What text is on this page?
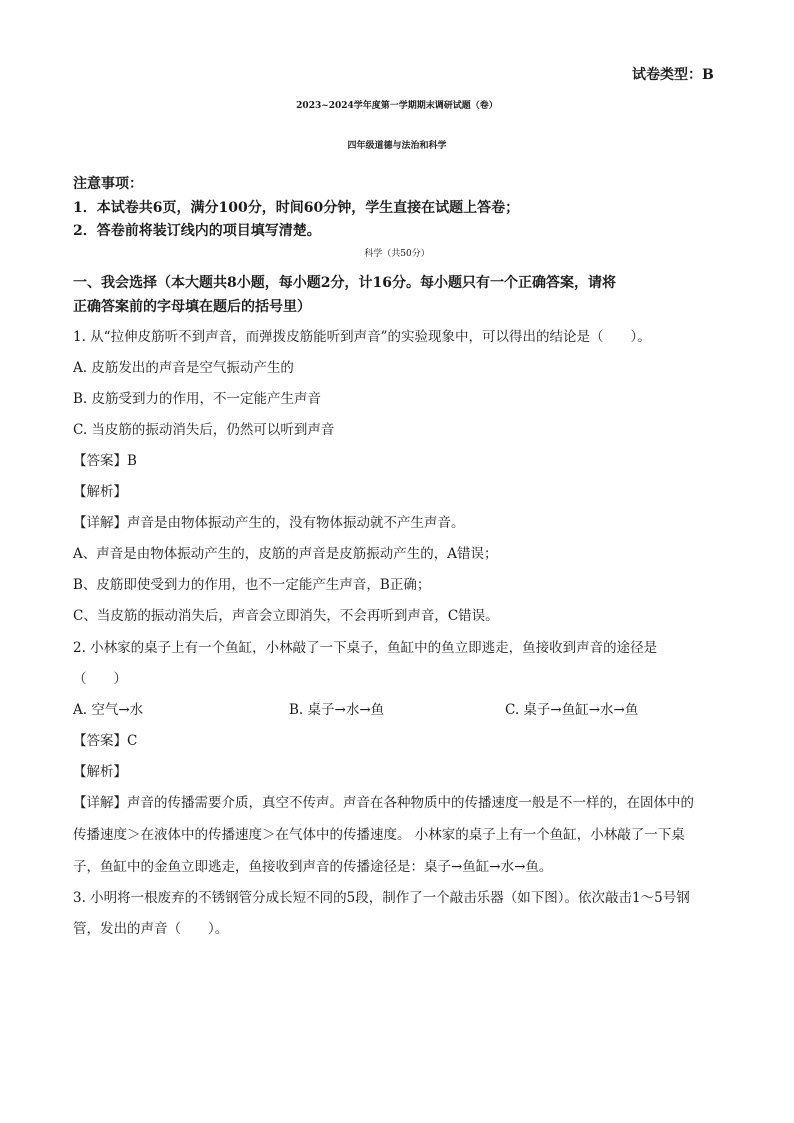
试卷类型：B
2023~2024学年度第一学期期末调研试题（卷）
四年级道德与法治和科学
注意事项：
1．本试卷共6页，满分100分，时间60分钟，学生直接在试题上答卷；
2．答卷前将装订线内的项目填写清楚。
科学（共50分）
一、我会选择（本大题共8小题，每小题2分，计16分。每小题只有一个正确答案，请将
正确答案前的字母填在题后的括号里）
1. 从“拉伸皮筋听不到声音，而弹拨皮筋能听到声音”的实验现象中，可以得出的结论是（　　）。
A. 皮筋发出的声音是空气振动产生的
B. 皮筋受到力的作用，不一定能产生声音
C. 当皮筋的振动消失后，仍然可以听到声音
【答案】B
【解析】
【详解】声音是由物体振动产生的，没有物体振动就不产生声音。
A、声音是由物体振动产生的，皮筋的声音是皮筋振动产生的，A错误；
B、皮筋即使受到力的作用，也不一定能产生声音，B正确；
C、当皮筋的振动消失后，声音会立即消失，不会再听到声音，C错误。
2. 小林家的桌子上有一个鱼缸，小林敲了一下桌子，鱼缸中的鱼立即逃走，鱼接收到声音的途径是
（　　）
A. 空气→水	B. 桌子→水→鱼	C. 桌子→鱼缸→水→鱼
【答案】C
【解析】
【详解】声音的传播需要介质，真空不传声。声音在各种物质中的传播速度一般是不一样的，在固体中的
传播速度＞在液体中的传播速度＞在气体中的传播速度。 小林家的桌子上有一个鱼缸，小林敲了一下桌
子，鱼缸中的金鱼立即逃走，鱼接收到声音的传播途径是：桌子→鱼缸→水→鱼。
3. 小明将一根废弃的不锈钢管分成长短不同的5段，制作了一个敲击乐器（如下图）。依次敲击1～5号钢
管，发出的声音（　　）。
